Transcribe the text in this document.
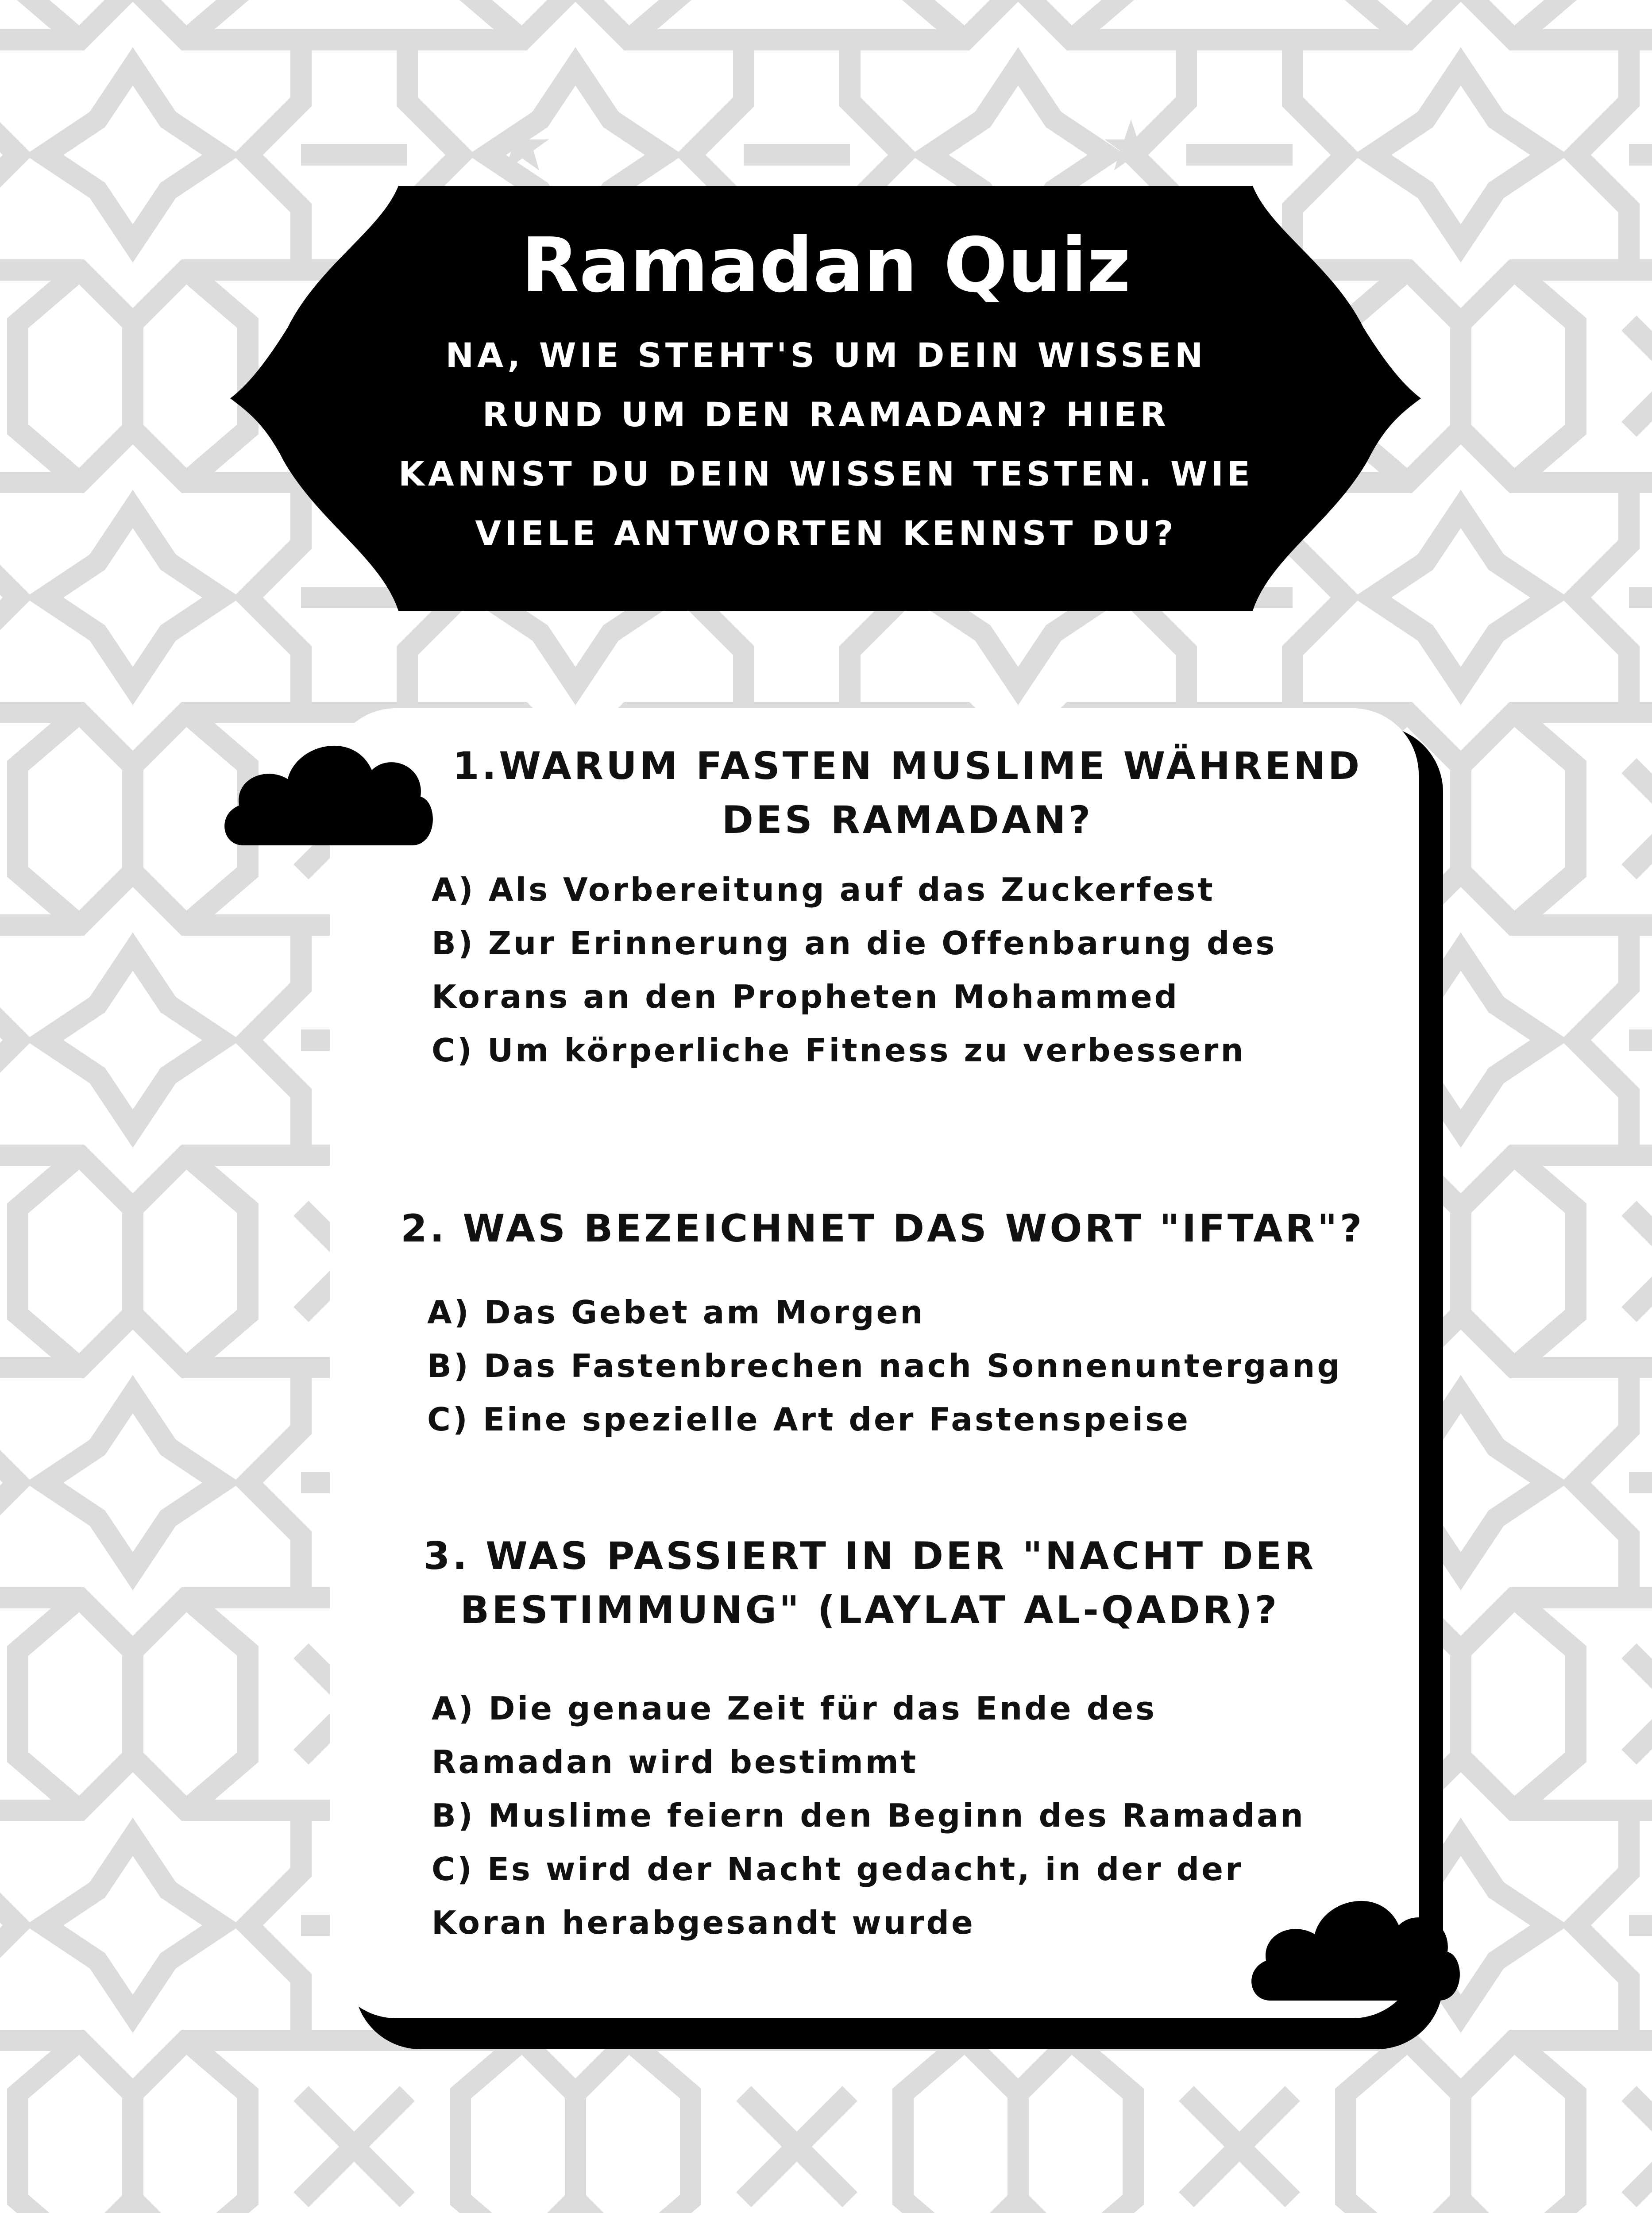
Ramadan Quiz
NA, WIE STEHT'S UM DEIN WISSEN
RUND UM DEN RAMADAN? HIER
KANNST DU DEIN WISSEN TESTEN. WIE
VIELE ANTWORTEN KENNST DU?
1.WARUM FASTEN MUSLIME WÄHREND
DES RAMADAN?
A) Als Vorbereitung auf das Zuckerfest
B) Zur Erinnerung an die Offenbarung des
Korans an den Propheten Mohammed
C) Um körperliche Fitness zu verbessern
2. WAS BEZEICHNET DAS WORT "IFTAR"?
A) Das Gebet am Morgen
B) Das Fastenbrechen nach Sonnenuntergang
C) Eine spezielle Art der Fastenspeise
3. WAS PASSIERT IN DER "NACHT DER
BESTIMMUNG" (LAYLAT AL-QADR)?
A) Die genaue Zeit für das Ende des
Ramadan wird bestimmt
B) Muslime feiern den Beginn des Ramadan
C) Es wird der Nacht gedacht, in der der
Koran herabgesandt wurde
